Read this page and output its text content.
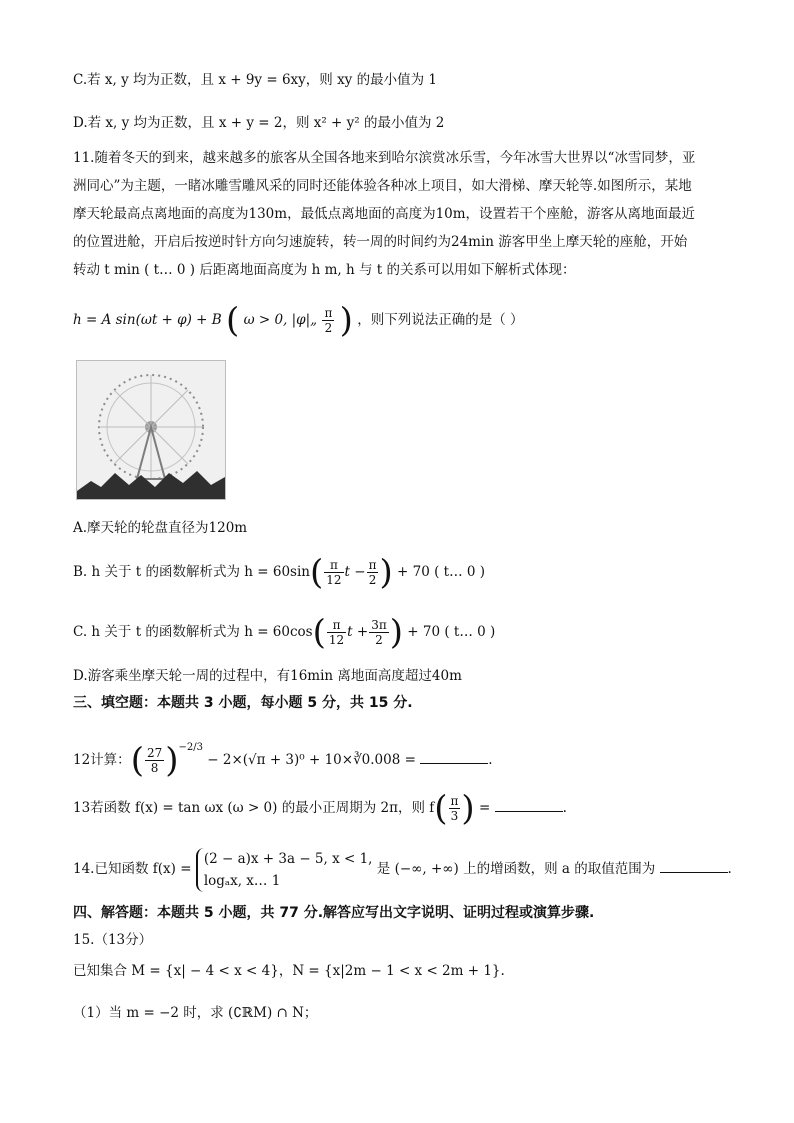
C.若 x, y 均为正数，且 x + 9y = 6xy，则 xy 的最小值为 1
D.若 x, y 均为正数，且 x + y = 2，则 x² + y² 的最小值为 2

11.随着冬天的到来，越来越多的旅客从全国各地来到哈尔滨赏冰乐雪，今年冰雪大世界以“冰雪同梦，亚

洲同心”为主题，一睹冰雕雪雕风采的同时还能体验各种冰上项目，如大滑梯、摩天轮等.如图所示，某地

摩天轮最高点离地面的高度为130m，最低点离地面的高度为10m，设置若干个座舱，游客从离地面最近

的位置进舱，开启后按逆时针方向匀速旋转，转一周的时间约为24min 游客甲坐上摩天轮的座舱，开始

转动 t min ( t… 0 ) 后距离地面高度为 h m, h 与 t 的关系可以用如下解析式体现：

h = A sin(ωt + φ) + B ( ω > 0, |φ|„ $\frac{\pi}{2}$ ) ，则下列说法正确的是（ ）
A.摩天轮的轮盘直径为120m
B. h 关于 t 的函数解析式为 $h = 60\sin( \frac{\pi}{12}$ $t - \frac{\pi}{2}$ ) + 70 ( t… 0 )
C. h 关于 t 的函数解析式为 $h = 60\cos( \frac{\pi}{12}$ $t + \frac{3\pi}{2}$ ) + 70 ( t… 0 )
D.游客乘坐摩天轮一周的过程中，有16min 离地面高度超过40m
三、填空题：本题共 3 小题，每小题 5 分，共 15 分.
12计算：( $\frac{27}{8} )^{-2/3} - 2\times(√\pi + 3)^0$ + 10×∛0.008 =	.
13若函数 f(x) = tan ωx (ω > 0) 的最小正周期为 2π，则 $f( \frac{\pi}{3}$ ) =	.
14.已知函数 f(x) =
(2 − a)x + 3a − 5, x < 1,
logₐx, x… 1
是 (−∞, +∞) 上的增函数，则 a 的取值范围为	.
四、解答题：本题共 5 小题，共 77 分.解答应写出文字说明、证明过程或演算步骤.
15.（13分）
已知集合 M = {x| − 4 < x < 4}，N = {x|2m − 1 < x < 2m + 1}.
（1）当 m = −2 时，求 (∁ℝM) ∩ N；
